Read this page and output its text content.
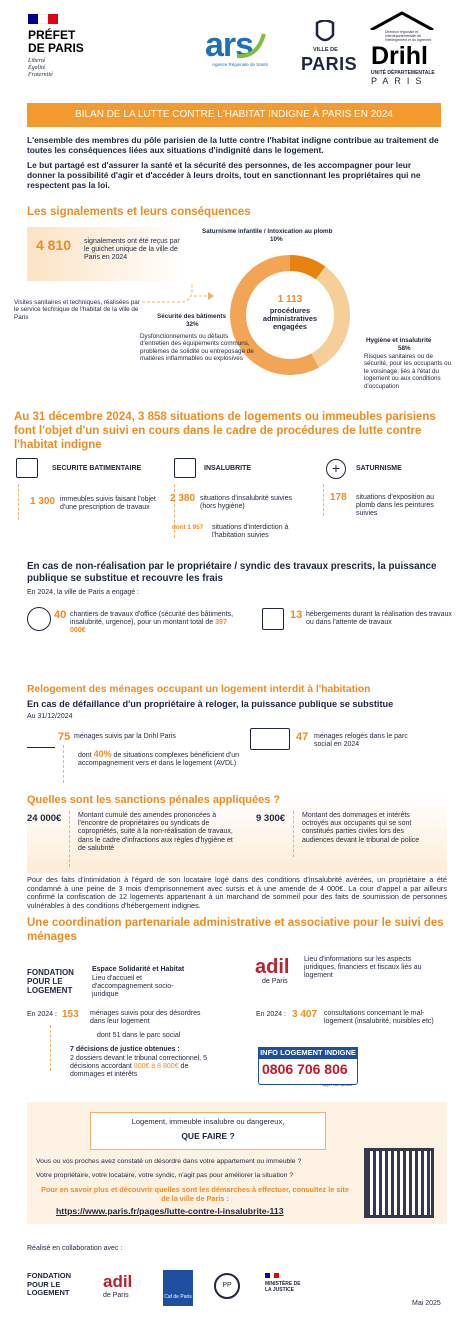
PRÉFET
DE PARIS
Liberté
Égalité
Fraternité
ars
Agence Régionale de Santé
VILLE DE
PARIS
Direction régionale et interdépartementale de l'hébergement et du logement
Drihl
UNITÉ DÉPARTEMENTALE
PARIS
BILAN DE LA LUTTE CONTRE L'HABITAT INDIGNE À PARIS EN 2024
L'ensemble des membres du pôle parisien de la lutte contre l'habitat indigne contribue au traitement de toutes les conséquences liées aux situations d'indignité dans le logement.
Le but partagé est d'assurer la santé et la sécurité des personnes, de les accompagner pour leur donner la possibilité d'agir et d'accéder à leurs droits, tout en sanctionnant les propriétaires qui ne respectent pas la loi.
Les signalements et leurs conséquences
4 810 signalements ont été reçus par le guichet unique de la ville de Paris en 2024
Visites sanitaires et techniques, réalisées par le service technique de l'habitat de la ville de Paris
1 113
procédures administratives engagées
Saturnisme infantile / Intoxication au plomb
10%
Sécurité des bâtiments
32%
Dysfonctionnements ou défauts d'entretien des équipements communs, problèmes de solidité ou entreposage de matières inflammables ou explosives
Hygiène et insalubrité
58%
Risques sanitaires ou de sécurité, pour les occupants ou le voisinage, liés à l'état du logement ou aux conditions d'occupation
Au 31 décembre 2024, 3 858 situations de logements ou immeubles parisiens font l'objet d'un suivi en cours dans le cadre de procédures de lutte contre l'habitat indigne
SECURITE BATIMENTAIRE
1 300 immeubles suivis faisant l'objet d'une prescription de travaux
INSALUBRITE
2 380 situations d'insalubrité suivies (hors hygiène)
dont 1 957 situations d'interdiction à l'habitation suivies
+	SATURNISME
178 situations d'exposition au plomb dans les peintures suivies
En cas de non-réalisation par le propriétaire / syndic des travaux prescrits, la puissance publique se substitue et recouvre les frais
En 2024, la ville de Paris a engagé :
40 chantiers de travaux d'office (sécurité des bâtiments, insalubrité, urgence), pour un montant total de 397 000€
13 hébergements durant la réalisation des travaux ou dans l'attente de travaux
Relogement des ménages occupant un logement interdit à l'habitation
En cas de défaillance d'un propriétaire à reloger, la puissance publique se substitue
Au 31/12/2024
75 ménages suivis par la Drihl Paris
dont 40% de situations complexes bénéficient d'un accompagnement vers et dans le logement (AVDL)
47 ménages relogés dans le parc social en 2024
Quelles sont les sanctions pénales appliquées ?
24 000€ Montant cumulé des amendes prononcées à l'encontre de propriétaires ou syndicats de copropriétés, suite à la non-réalisation de travaux, dans le cadre d'infractions aux règles d'hygiène et de salubrité
9 300€ Montant des dommages et intérêts octroyés aux occupants qui se sont constitués parties civiles lors des audiences devant le tribunal de police
Pour des faits d'intimidation à l'égard de son locataire logé dans des conditions d'insalubrité avérées, un propriétaire a été condamné à une peine de 3 mois d'emprisonnement avec sursis et à une amende de 4 000€. La cour d'appel a par ailleurs confirmé la confiscation de 12 logements appartenant à un marchand de sommeil pour des faits de soumission de personnes vulnérables à des conditions d'hébergement indignes.
Une coordination partenariale administrative et associative pour le suivi des ménages
FONDATION POUR LE LOGEMENT
Espace Solidarité et Habitat
Lieu d'accueil et d'accompagnement socio-juridique
En 2024 : 153 ménages suivis pour des désordres dans leur logement
dont 51 dans le parc social
7 décisions de justice obtenues :
2 dossiers devant le tribunal correctionnel, 5 décisions accordant 800€ à 8 800€ de dommages et intérêts
adil
de Paris
Lieu d'informations sur les aspects juridiques, financiers et fiscaux liés au logement
En 2024 : 3 407 consultations concernant le mal-logement (insalubrité, nuisibles etc)
INFO LOGEMENT INDIGNE
0806 706 806
* appel non surtaxé
Logement, immeuble insalubre ou dangereux,
QUE FAIRE ?
Vous ou vos proches avez constaté un désordre dans votre appartement ou immeuble ?
Votre propriétaire, votre locataire, votre syndic, n'agit pas pour améliorer la situation ?
Pour en savoir plus et découvrir quelles sont les démarches à effectuer, consultez le site de la ville de Paris :
https://www.paris.fr/pages/lutte-contre-l-insalubrite-113
Réalisé en collaboration avec :
FONDATION POUR LE LOGEMENT
adil
de Paris	Caf de Paris
PP	MINISTÈRE DE LA JUSTICE
Mai 2025
